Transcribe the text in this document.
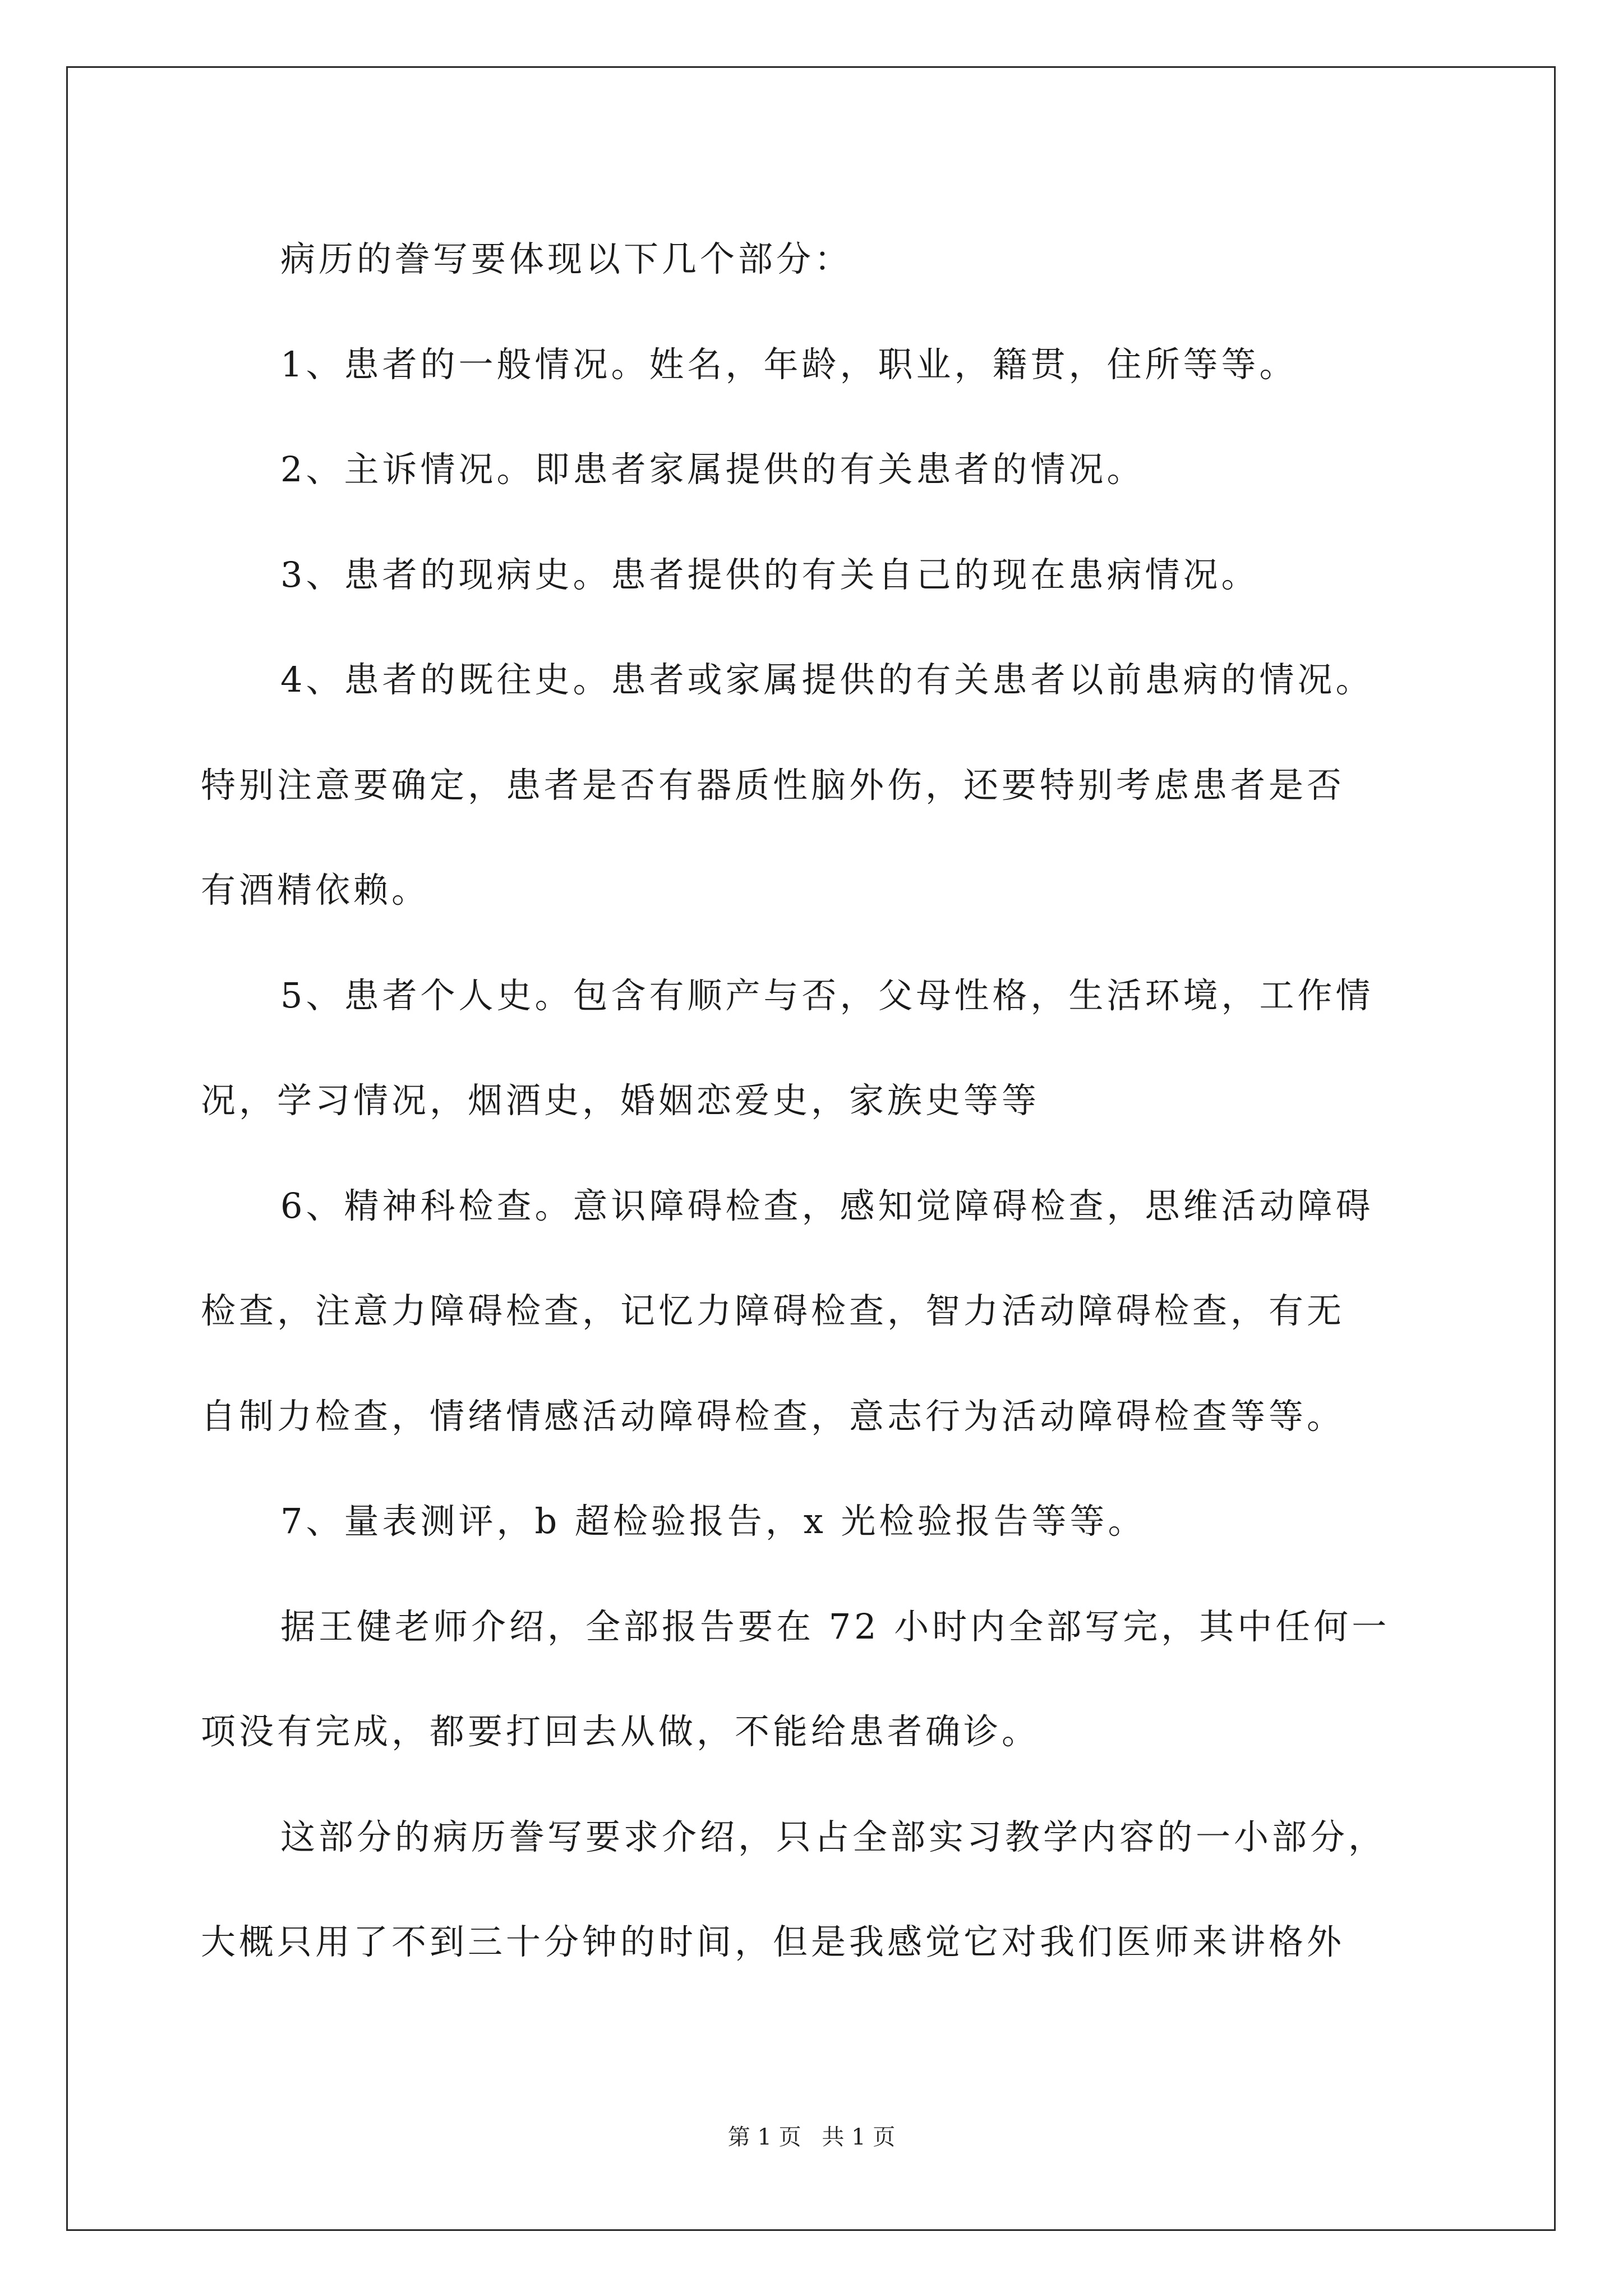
病历的誊写要体现以下几个部分：
1、患者的一般情况。姓名，年龄，职业，籍贯，住所等等。
2、主诉情况。即患者家属提供的有关患者的情况。
3、患者的现病史。患者提供的有关自己的现在患病情况。
4、患者的既往史。患者或家属提供的有关患者以前患病的情况。
特别注意要确定，患者是否有器质性脑外伤，还要特别考虑患者是否
有酒精依赖。
5、患者个人史。包含有顺产与否，父母性格，生活环境，工作情
况，学习情况，烟酒史，婚姻恋爱史，家族史等等
6、精神科检查。意识障碍检查，感知觉障碍检查，思维活动障碍
检查，注意力障碍检查，记忆力障碍检查，智力活动障碍检查，有无
自制力检查，情绪情感活动障碍检查，意志行为活动障碍检查等等。
7、量表测评，b 超检验报告，x 光检验报告等等。
据王健老师介绍，全部报告要在 72 小时内全部写完，其中任何一
项没有完成，都要打回去从做，不能给患者确诊。
这部分的病历誊写要求介绍，只占全部实习教学内容的一小部分，
大概只用了不到三十分钟的时间，但是我感觉它对我们医师来讲格外
第 1 页 共 1 页
